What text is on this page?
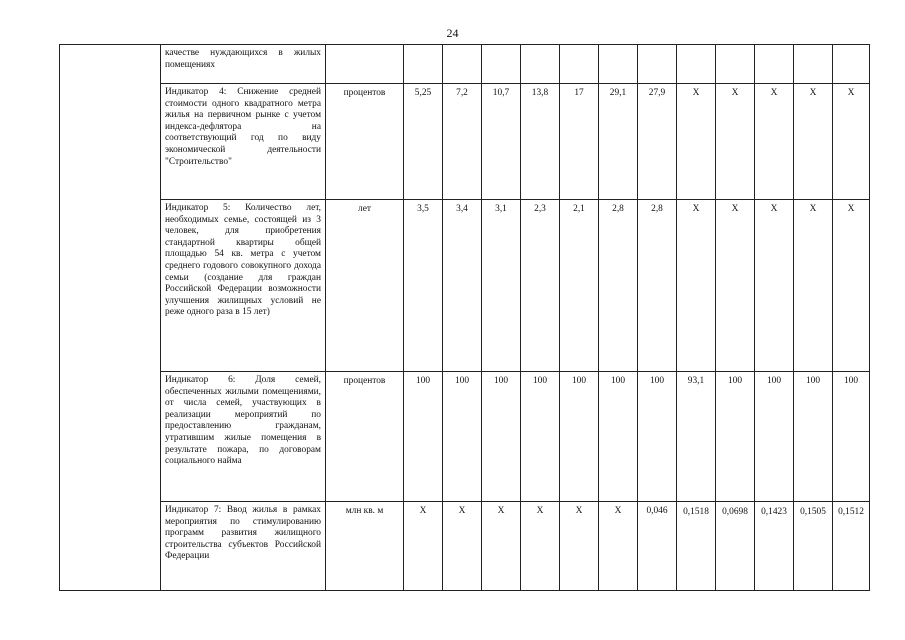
24
	качестве нуждающихся в жилых помещениях														
	Индикатор 4: Снижение средней стоимости одного квадратного метра жилья на первичном рынке с учетом индекса-дефлятора на соответствующий год по виду экономической деятельности "Строительство"	процентов	5,25	7,2	10,7	13,8	17	29,1	27,9	X	X	X	X	X	
	Индикатор 5: Количество лет, необходимых семье, состоящей из 3 человек, для приобретения стандартной квартиры общей площадью 54 кв. метра с учетом среднего годового совокупного дохода семьи (создание для граждан Российской Федерации возможности улучшения жилищных условий не реже одного раза в 15 лет)	лет	3,5	3,4	3,1	2,3	2,1	2,8	2,8	X	X	X	X	X	
	Индикатор 6: Доля семей, обеспеченных жилыми помещениями, от числа семей, участвующих в реализации мероприятий по предоставлению гражданам, утратившим жилые помещения в результате пожара, по договорам социального найма	процентов	100	100	100	100	100	100	100	93,1	100	100	100	100	
	Индикатор 7: Ввод жилья в рамках мероприятия по стимулированию программ развития жилищного строительства субъектов Российской Федерации	млн кв. м	X	X	X	X	X	X	0,046	0,1518	0,0698	0,1423	0,1505	0,1512	
